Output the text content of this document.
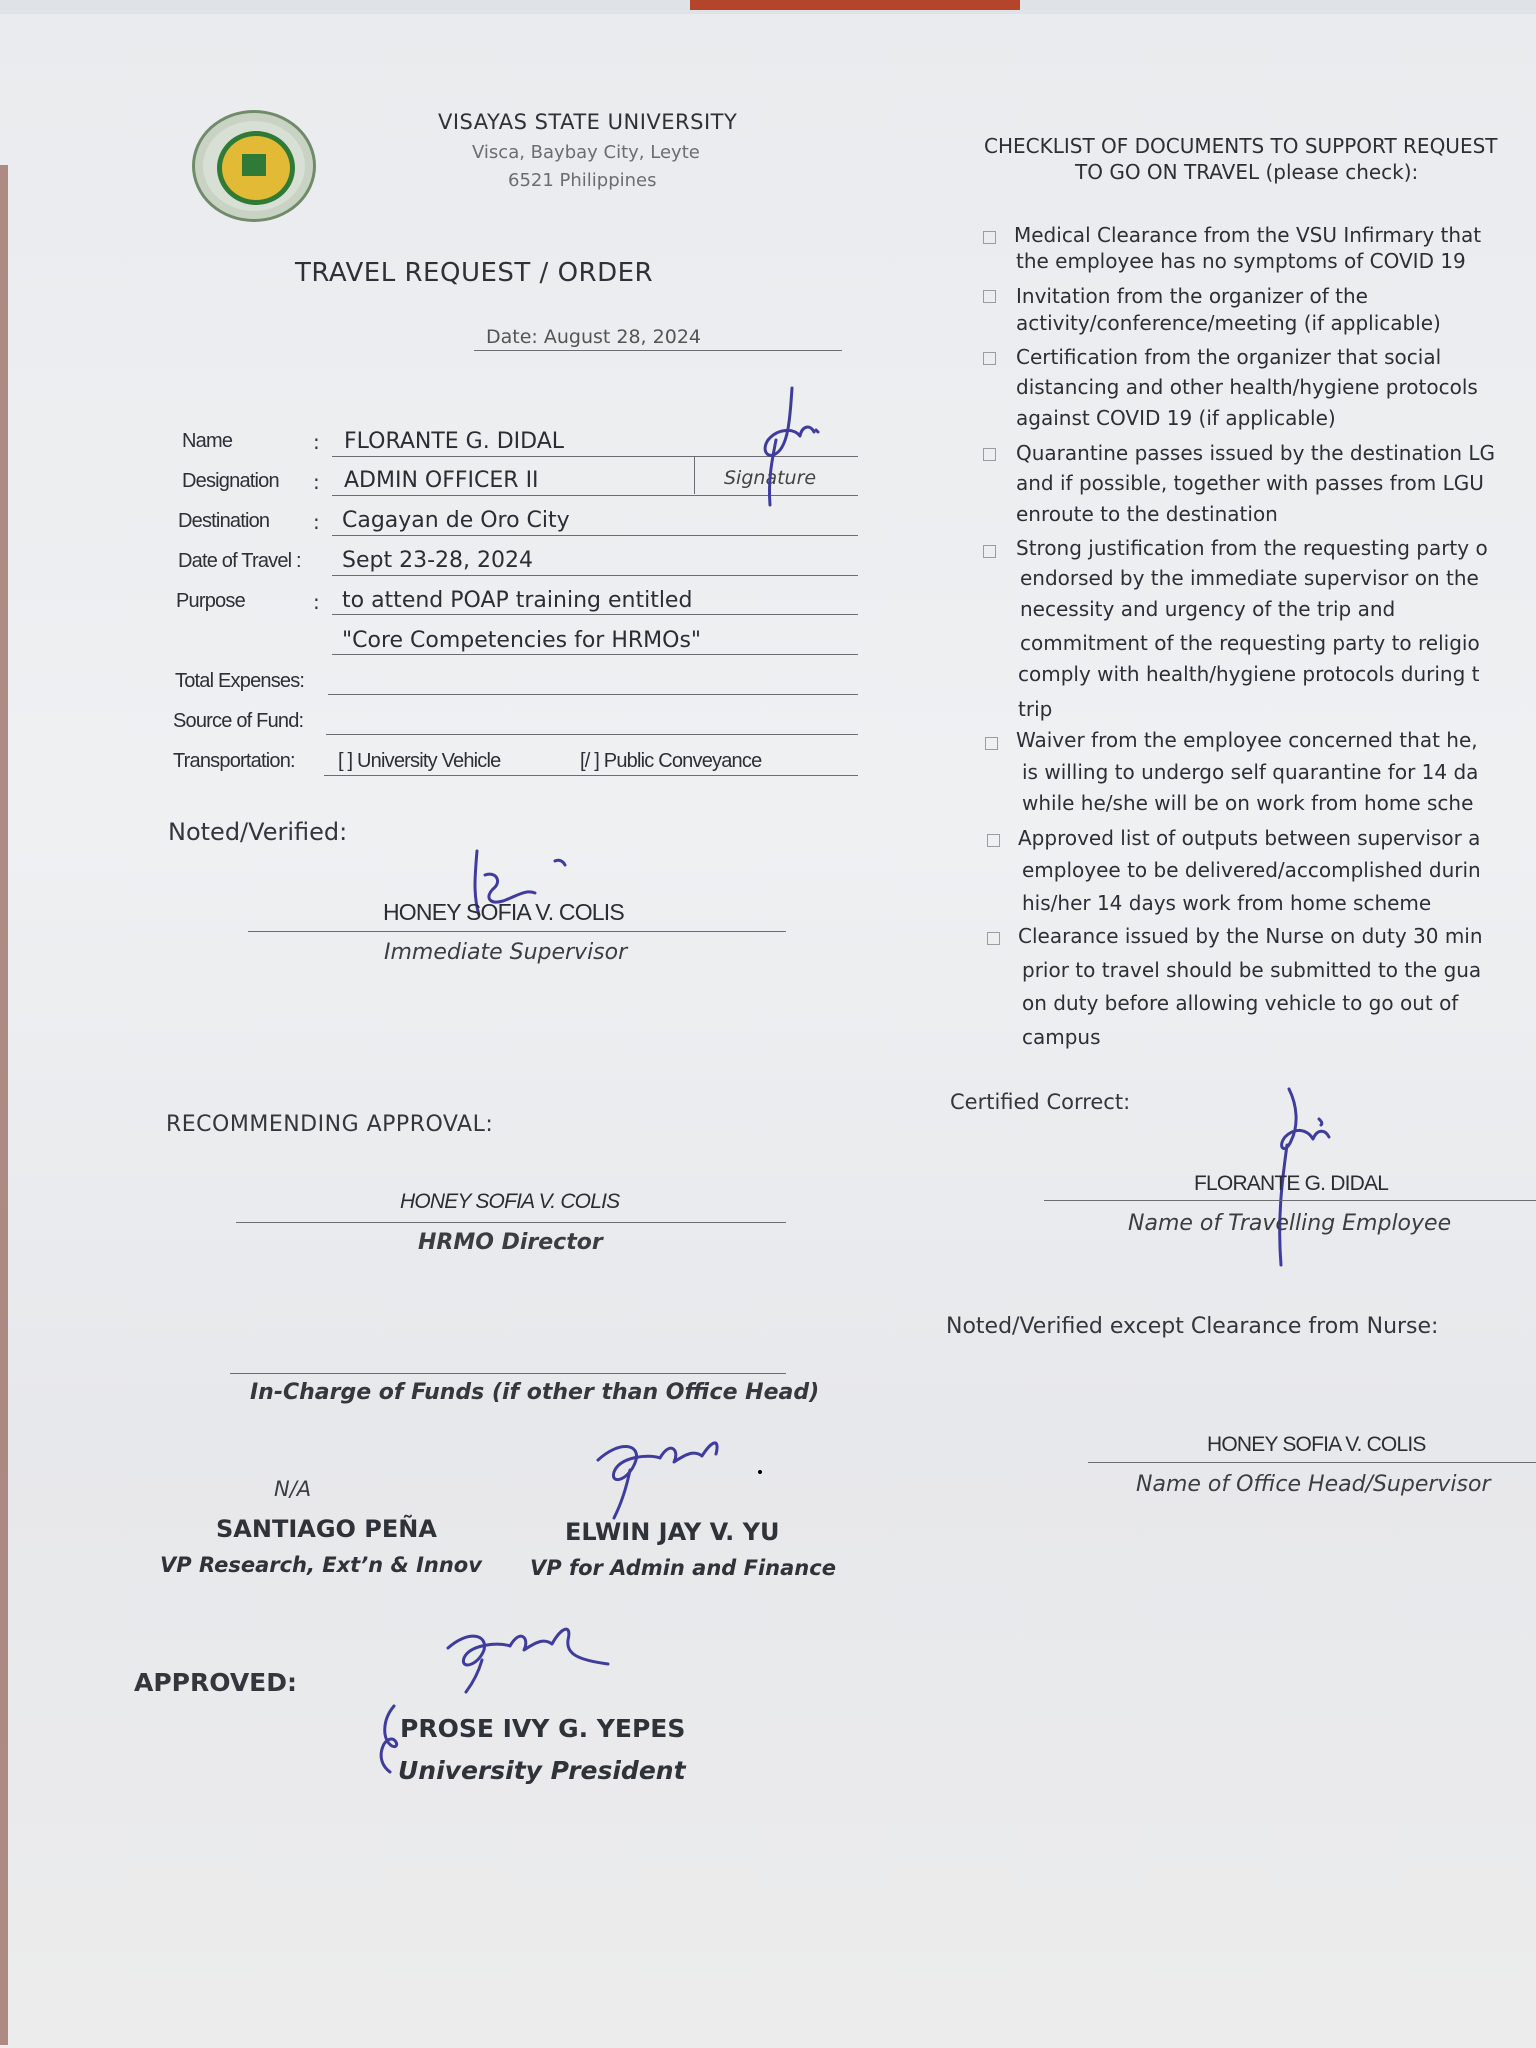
VISAYAS STATE UNIVERSITY
Visca, Baybay City, Leyte
6521 Philippines
TRAVEL REQUEST / ORDER
Date: August 28, 2024
Name	: FLORANTE G. DIDAL
Designation : ADMIN OFFICER II	Signature
Destination : Cagayan de Oro City
Date of Travel : Sept 23-28, 2024
Purpose	: to attend POAP training entitled
"Core Competencies for HRMOs"
Total Expenses:
Source of Fund:
Transportation: [ ] University Vehicle	[/ ] Public Conveyance
Noted/Verified:
HONEY SOFIA V. COLIS
Immediate Supervisor
RECOMMENDING APPROVAL:
HONEY SOFIA V. COLIS
HRMO Director
In-Charge of Funds (if other than Office Head)
N/A
SANTIAGO PEÑA
VP Research, Ext’n & Innov
ELWIN JAY V. YU
VP for Admin and Finance
APPROVED:
PROSE IVY G. YEPES
University President
CHECKLIST OF DOCUMENTS TO SUPPORT REQUEST
TO GO ON TRAVEL (please check):
Medical Clearance from the VSU Infirmary that
the employee has no symptoms of COVID 19
Invitation from the organizer of the
activity/conference/meeting (if applicable)
Certification from the organizer that social
distancing and other health/hygiene protocols
against COVID 19 (if applicable)
Quarantine passes issued by the destination LG
and if possible, together with passes from LGU
enroute to the destination
Strong justification from the requesting party o
endorsed by the immediate supervisor on the
necessity and urgency of the trip and
commitment of the requesting party to religio
comply with health/hygiene protocols during t
trip
Waiver from the employee concerned that he,
is willing to undergo self quarantine for 14 da
while he/she will be on work from home sche
Approved list of outputs between supervisor a
employee to be delivered/accomplished durin
his/her 14 days work from home scheme
Clearance issued by the Nurse on duty 30 min
prior to travel should be submitted to the gua
on duty before allowing vehicle to go out of
campus
Certified Correct:
FLORANTE G. DIDAL
Name of Travelling Employee
Noted/Verified except Clearance from Nurse:
HONEY SOFIA V. COLIS
Name of Office Head/Supervisor
